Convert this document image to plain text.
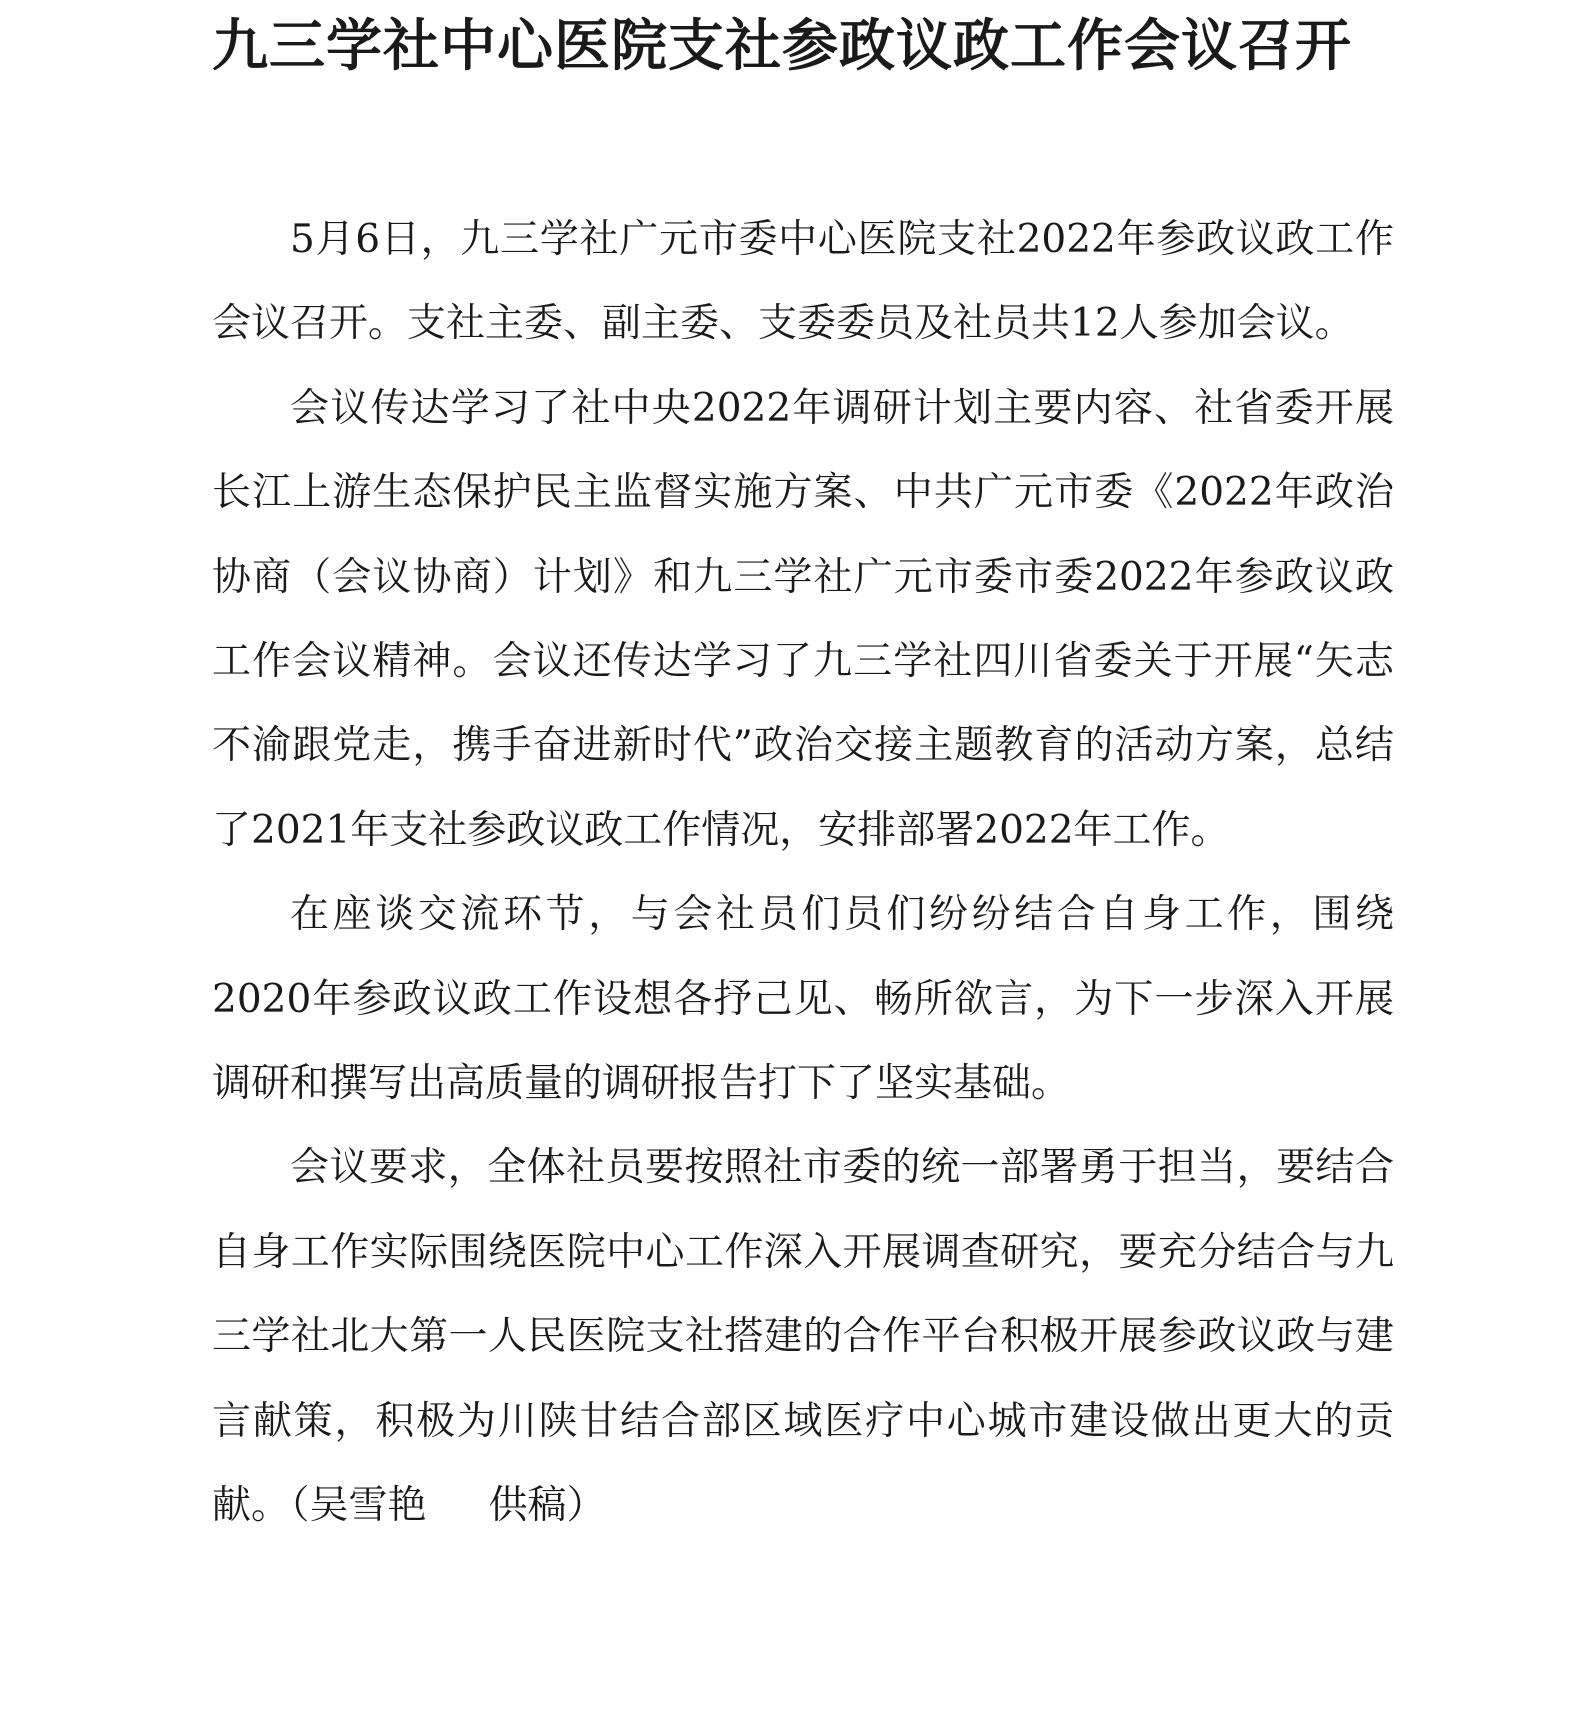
九三学社中心医院支社参政议政工作会议召开

5月6日，九三学社广元市委中心医院支社2022年参政议政工作会议召开。支社主委、副主委、支委委员及社员共12人参加会议。

会议传达学习了社中央2022年调研计划主要内容、社省委开展长江上游生态保护民主监督实施方案、中共广元市委《2022年政治协商（会议协商）计划》和九三学社广元市委市委2022年参政议政工作会议精神。会议还传达学习了九三学社四川省委关于开展“矢志不渝跟党走，携手奋进新时代”政治交接主题教育的活动方案，总结了2021年支社参政议政工作情况，安排部署2022年工作。

在座谈交流环节，与会社员们员们纷纷结合自身工作，围绕2020年参政议政工作设想各抒己见、畅所欲言，为下一步深入开展调研和撰写出高质量的调研报告打下了坚实基础。

会议要求，全体社员要按照社市委的统一部署勇于担当，要结合自身工作实际围绕医院中心工作深入开展调查研究，要充分结合与九三学社北大第一人民医院支社搭建的合作平台积极开展参政议政与建言献策，积极为川陕甘结合部区域医疗中心城市建设做出更大的贡献。（吴雪艳 供稿）
